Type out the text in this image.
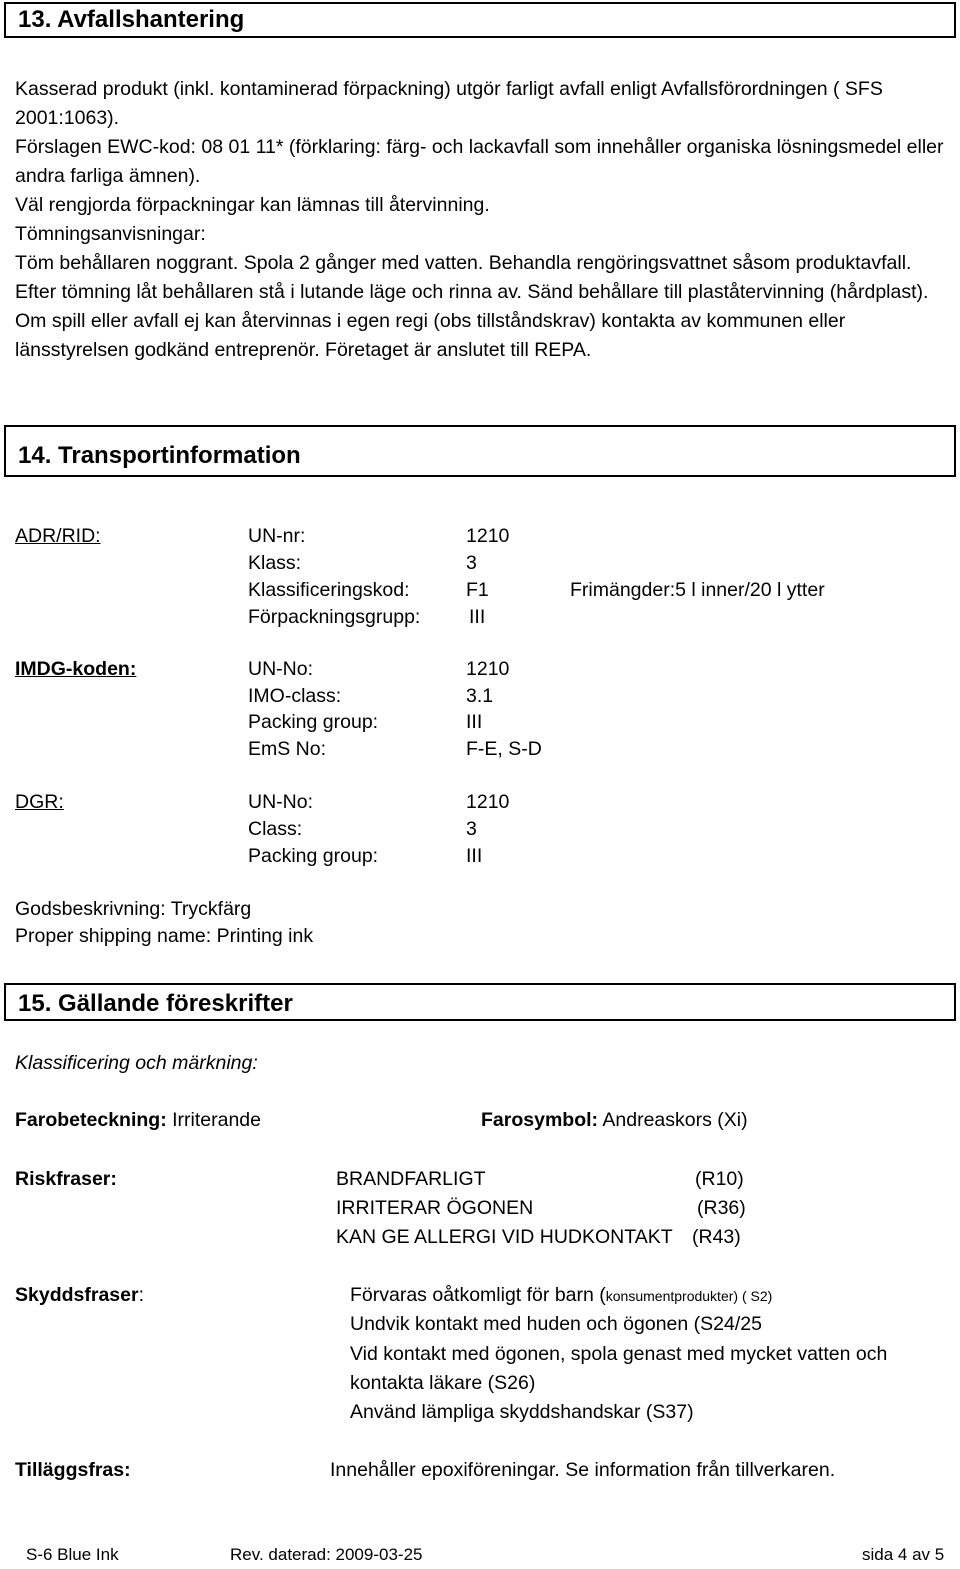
13. Avfallshantering
Kasserad produkt (inkl. kontaminerad förpackning) utgör farligt avfall enligt Avfallsförordningen ( SFS 2001:1063).
Förslagen EWC-kod: 08 01 11* (förklaring: färg- och lackavfall som innehåller organiska lösningsmedel eller andra farliga ämnen).
Väl rengjorda förpackningar kan lämnas till återvinning.
Tömningsanvisningar:
Töm behållaren noggrant. Spola 2 gånger med vatten. Behandla rengöringsvattnet såsom produktavfall. Efter tömning låt behållaren stå i lutande läge och rinna av. Sänd behållare till plaståtervinning (hårdplast).
Om spill eller avfall ej kan återvinnas i egen regi (obs tillståndskrav) kontakta av kommunen eller länsstyrelsen godkänd entreprenör. Företaget är anslutet till REPA.
14. Transportinformation
ADR/RID:	UN-nr:	1210
Klass:	3
Klassificeringskod:	F1	Frimängder:5 l inner/20 l ytter
Förpackningsgrupp: III
IMDG-koden:	UN-No:	1210
IMO-class:	3.1
Packing group:	III
EmS No:	F-E, S-D
DGR:	UN-No:	1210
Class:	3
Packing group:	III
Godsbeskrivning: Tryckfärg
Proper shipping name: Printing ink
15. Gällande föreskrifter
Klassificering och märkning:
Farobeteckning: Irriterande	Farosymbol: Andreaskors (Xi)
Riskfraser:	BRANDFARLIGT	(R10)
IRRITERAR ÖGONEN	(R36)
KAN GE ALLERGI VID HUDKONTAKT (R43)
Skyddsfraser:	Förvaras oåtkomligt för barn (konsumentprodukter) ( S2)
Undvik kontakt med huden och ögonen (S24/25
Vid kontakt med ögonen, spola genast med mycket vatten och
kontakta läkare (S26)
Använd lämpliga skyddshandskar (S37)
Tilläggsfras:	Innehåller epoxiföreningar. Se information från tillverkaren.
S-6 Blue Ink	Rev. daterad: 2009-03-25	sida 4 av 5
